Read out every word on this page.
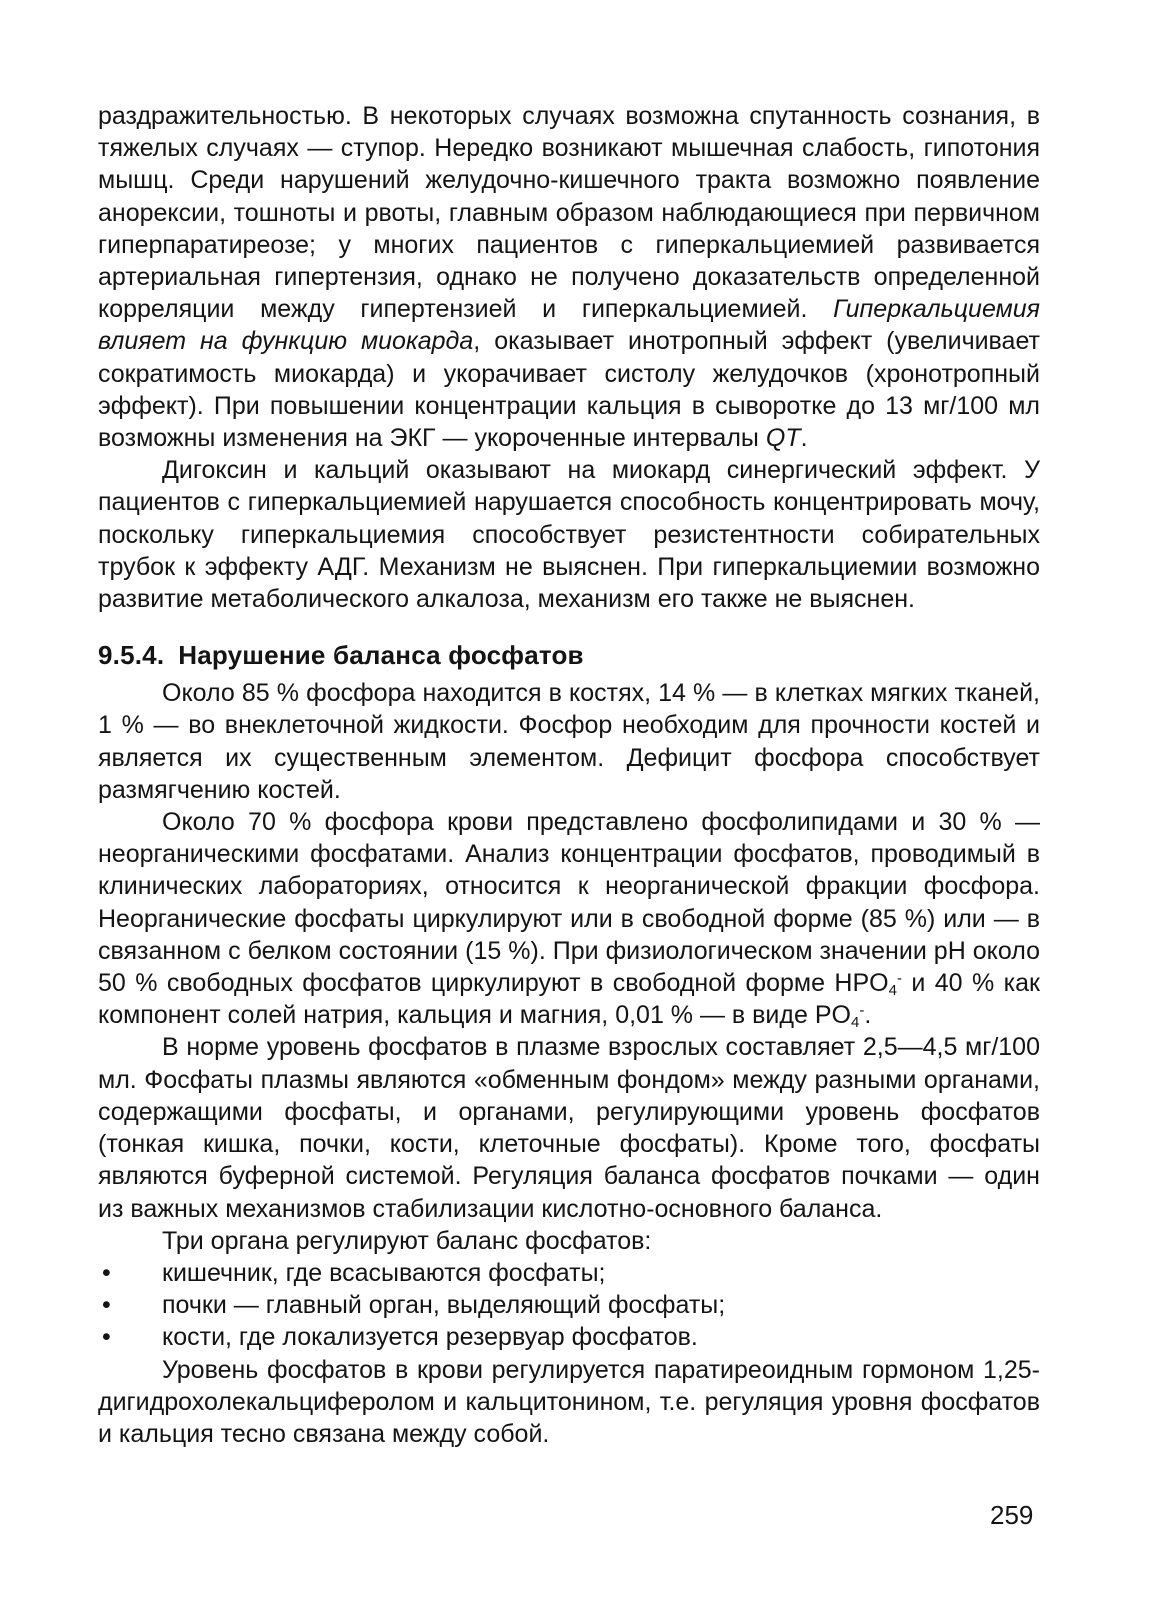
раздражительностью. В некоторых случаях возможна спутанность сознания, в тяжелых случаях — ступор. Нередко возникают мышечная слабость, гипотония мышц. Среди нарушений желудочно-кишечного тракта возможно появление анорексии, тошноты и рвоты, главным образом наблюдающиеся при первичном гиперпаратиреозе; у многих пациентов с гиперкальциемией развивается артериальная гипертензия, однако не получено доказательств определенной корреляции между гипертензией и гиперкальциемией. Гиперкальциемия влияет на функцию миокарда, оказывает инотропный эффект (увеличивает сократимость миокарда) и укорачивает систолу желудочков (хронотропный эффект). При повышении концентрации кальция в сыворотке до 13 мг/100 мл возможны изменения на ЭКГ — укороченные интервалы QT.

Дигоксин и кальций оказывают на миокард синергический эффект. У пациентов с гиперкальциемией нарушается способность концентрировать мочу, поскольку гиперкальциемия способствует резистентности собирательных трубок к эффекту АДГ. Механизм не выяснен. При гиперкальциемии возможно развитие метаболического алкалоза, механизм его также не выяснен.

9.5.4. Нарушение баланса фосфатов

Около 85 % фосфора находится в костях, 14 % — в клетках мягких тканей, 1 % — во внеклеточной жидкости. Фосфор необходим для прочности костей и является их существенным элементом. Дефицит фосфора способствует размягчению костей.

Около 70 % фосфора крови представлено фосфолипидами и 30 % — неорганическими фосфатами. Анализ концентрации фосфатов, проводимый в клинических лабораториях, относится к неорганической фракции фосфора. Неорганические фосфаты циркулируют или в свободной форме (85 %) или — в связанном с белком состоянии (15 %). При физиологическом значении pH около 50 % свободных фосфатов циркулируют в свободной форме $HPO_4^-$ и 40 % как компонент солей натрия, кальция и магния, 0,01 % — в виде $PO_4^-$.

В норме уровень фосфатов в плазме взрослых составляет 2,5—4,5 мг/100 мл. Фосфаты плазмы являются «обменным фондом» между разными органами, содержащими фосфаты, и органами, регулирующими уровень фосфатов (тонкая кишка, почки, кости, клеточные фосфаты). Кроме того, фосфаты являются буферной системой. Регуляция баланса фосфатов почками — один из важных механизмов стабилизации кислотно-основного баланса.

Три органа регулируют баланс фосфатов:

• кишечник, где всасываются фосфаты;
• почки — главный орган, выделяющий фосфаты;
• кости, где локализуется резервуар фосфатов.

Уровень фосфатов в крови регулируется паратиреоидным гормоном 1,25-дигидрохолекальциферолом и кальцитонином, т.е. регуляция уровня фосфатов и кальция тесно связана между собой.

259
